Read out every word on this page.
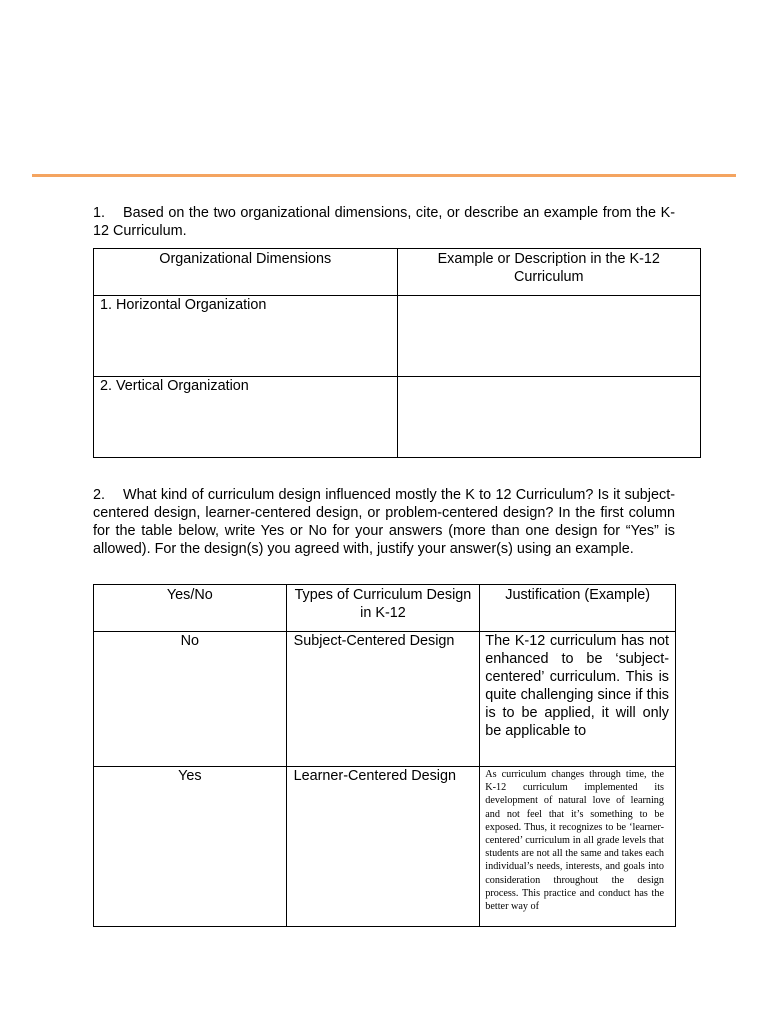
1. Based on the two organizational dimensions, cite, or describe an example from the K-12 Curriculum.
Organizational Dimensions	Example or Description in the K-12 Curriculum
1. Horizontal Organization	
2. Vertical Organization	
2. What kind of curriculum design influenced mostly the K to 12 Curriculum? Is it subject-centered design, learner-centered design, or problem-centered design? In the first column for the table below, write Yes or No for your answers (more than one design for “Yes” is allowed). For the design(s) you agreed with, justify your answer(s) using an example.
Yes/No	Types of Curriculum Design in K-12	Justification (Example)
No	Subject-Centered Design	The K-12 curriculum has not enhanced to be ‘subject-centered’ curriculum. This is quite challenging since if this is to be applied, it will only be applicable to
Yes	Learner-Centered Design	As curriculum changes through time, the K-12 curriculum implemented its development of natural love of learning and not feel that it’s something to be exposed. Thus, it recognizes to be ‘learner-centered’ curriculum in all grade levels that students are not all the same and takes each individual’s needs, interests, and goals into consideration throughout the design process. This practice and conduct has the better way of
